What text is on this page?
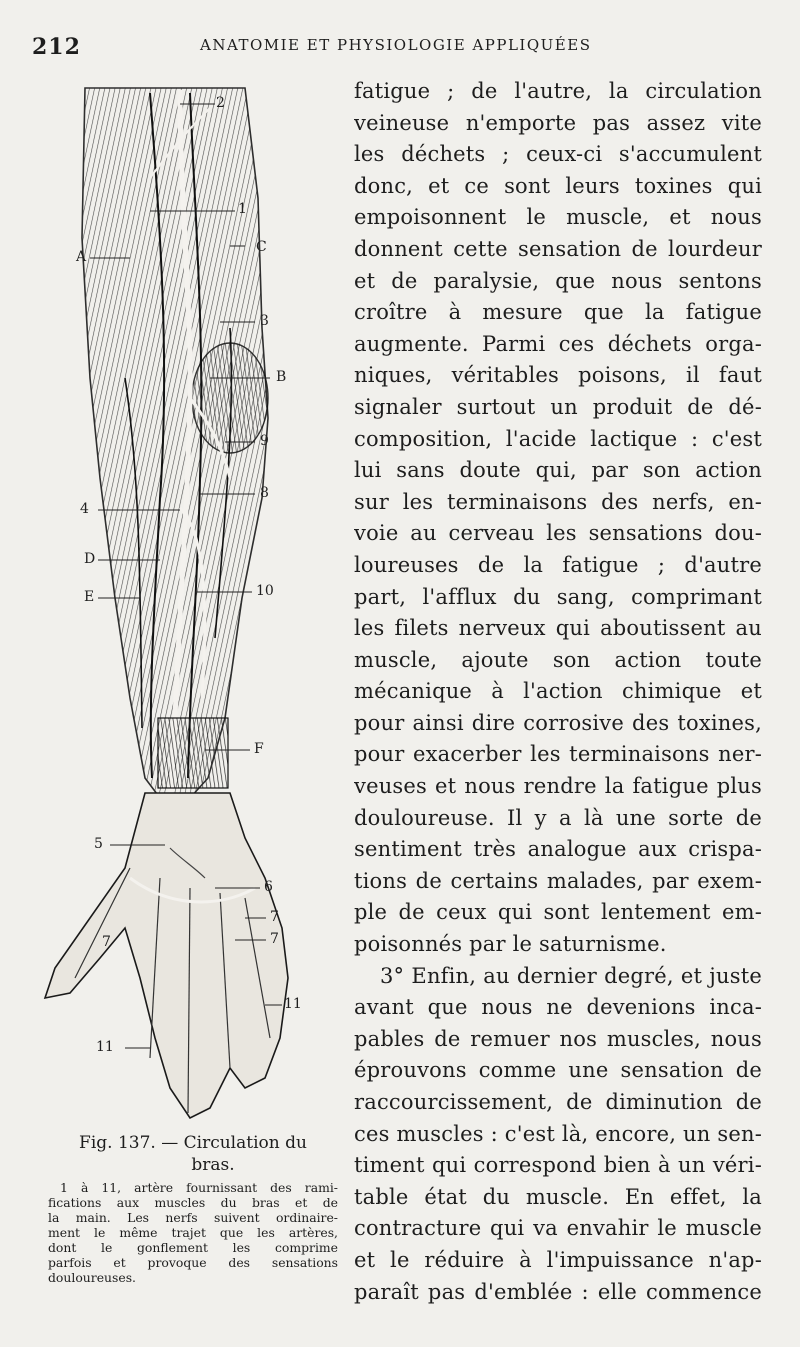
212	ANATOMIE ET PHYSIOLOGIE APPLIQUÉES
2
1
A
C
3
B
9
8
4
D
E	10
F
5
6
7
7
7
11
11
Fig. 137. — Circulation du
bras.
1 à 11, artère fournissant des rami-
fications aux muscles du bras et de
la main. Les nerfs suivent ordinaire-
ment le même trajet que les artères,
dont le gonflement les comprime
parfois et provoque des sensations
douloureuses.
fatigue ; de l'autre, la circulation
veineuse n'emporte pas assez vite
les déchets ; ceux-ci s'accumulent
donc, et ce sont leurs toxines qui
empoisonnent le muscle, et nous
donnent cette sensation de lourdeur
et de paralysie, que nous sentons
croître à mesure que la fatigue
augmente. Parmi ces déchets orga-
niques, véritables poisons, il faut
signaler surtout un produit de dé-
composition, l'acide lactique : c'est
lui sans doute qui, par son action
sur les terminaisons des nerfs, en-
voie au cerveau les sensations dou-
loureuses de la fatigue ; d'autre
part, l'afflux du sang, comprimant
les filets nerveux qui aboutissent au
muscle, ajoute son action toute
mécanique à l'action chimique et
pour ainsi dire corrosive des toxines,
pour exacerber les terminaisons ner-
veuses et nous rendre la fatigue plus
douloureuse. Il y a là une sorte de
sentiment très analogue aux crispa-
tions de certains malades, par exem-
ple de ceux qui sont lentement em-
poisonnés par le saturnisme.
3° Enfin, au dernier degré, et juste
avant que nous ne devenions inca-
pables de remuer nos muscles, nous
éprouvons comme une sensation de
raccourcissement, de diminution de
ces muscles : c'est là, encore, un sen-
timent qui correspond bien à un véri-
table état du muscle. En effet, la
contracture qui va envahir le muscle
et le réduire à l'impuissance n'ap-
paraît pas d'emblée : elle commence
